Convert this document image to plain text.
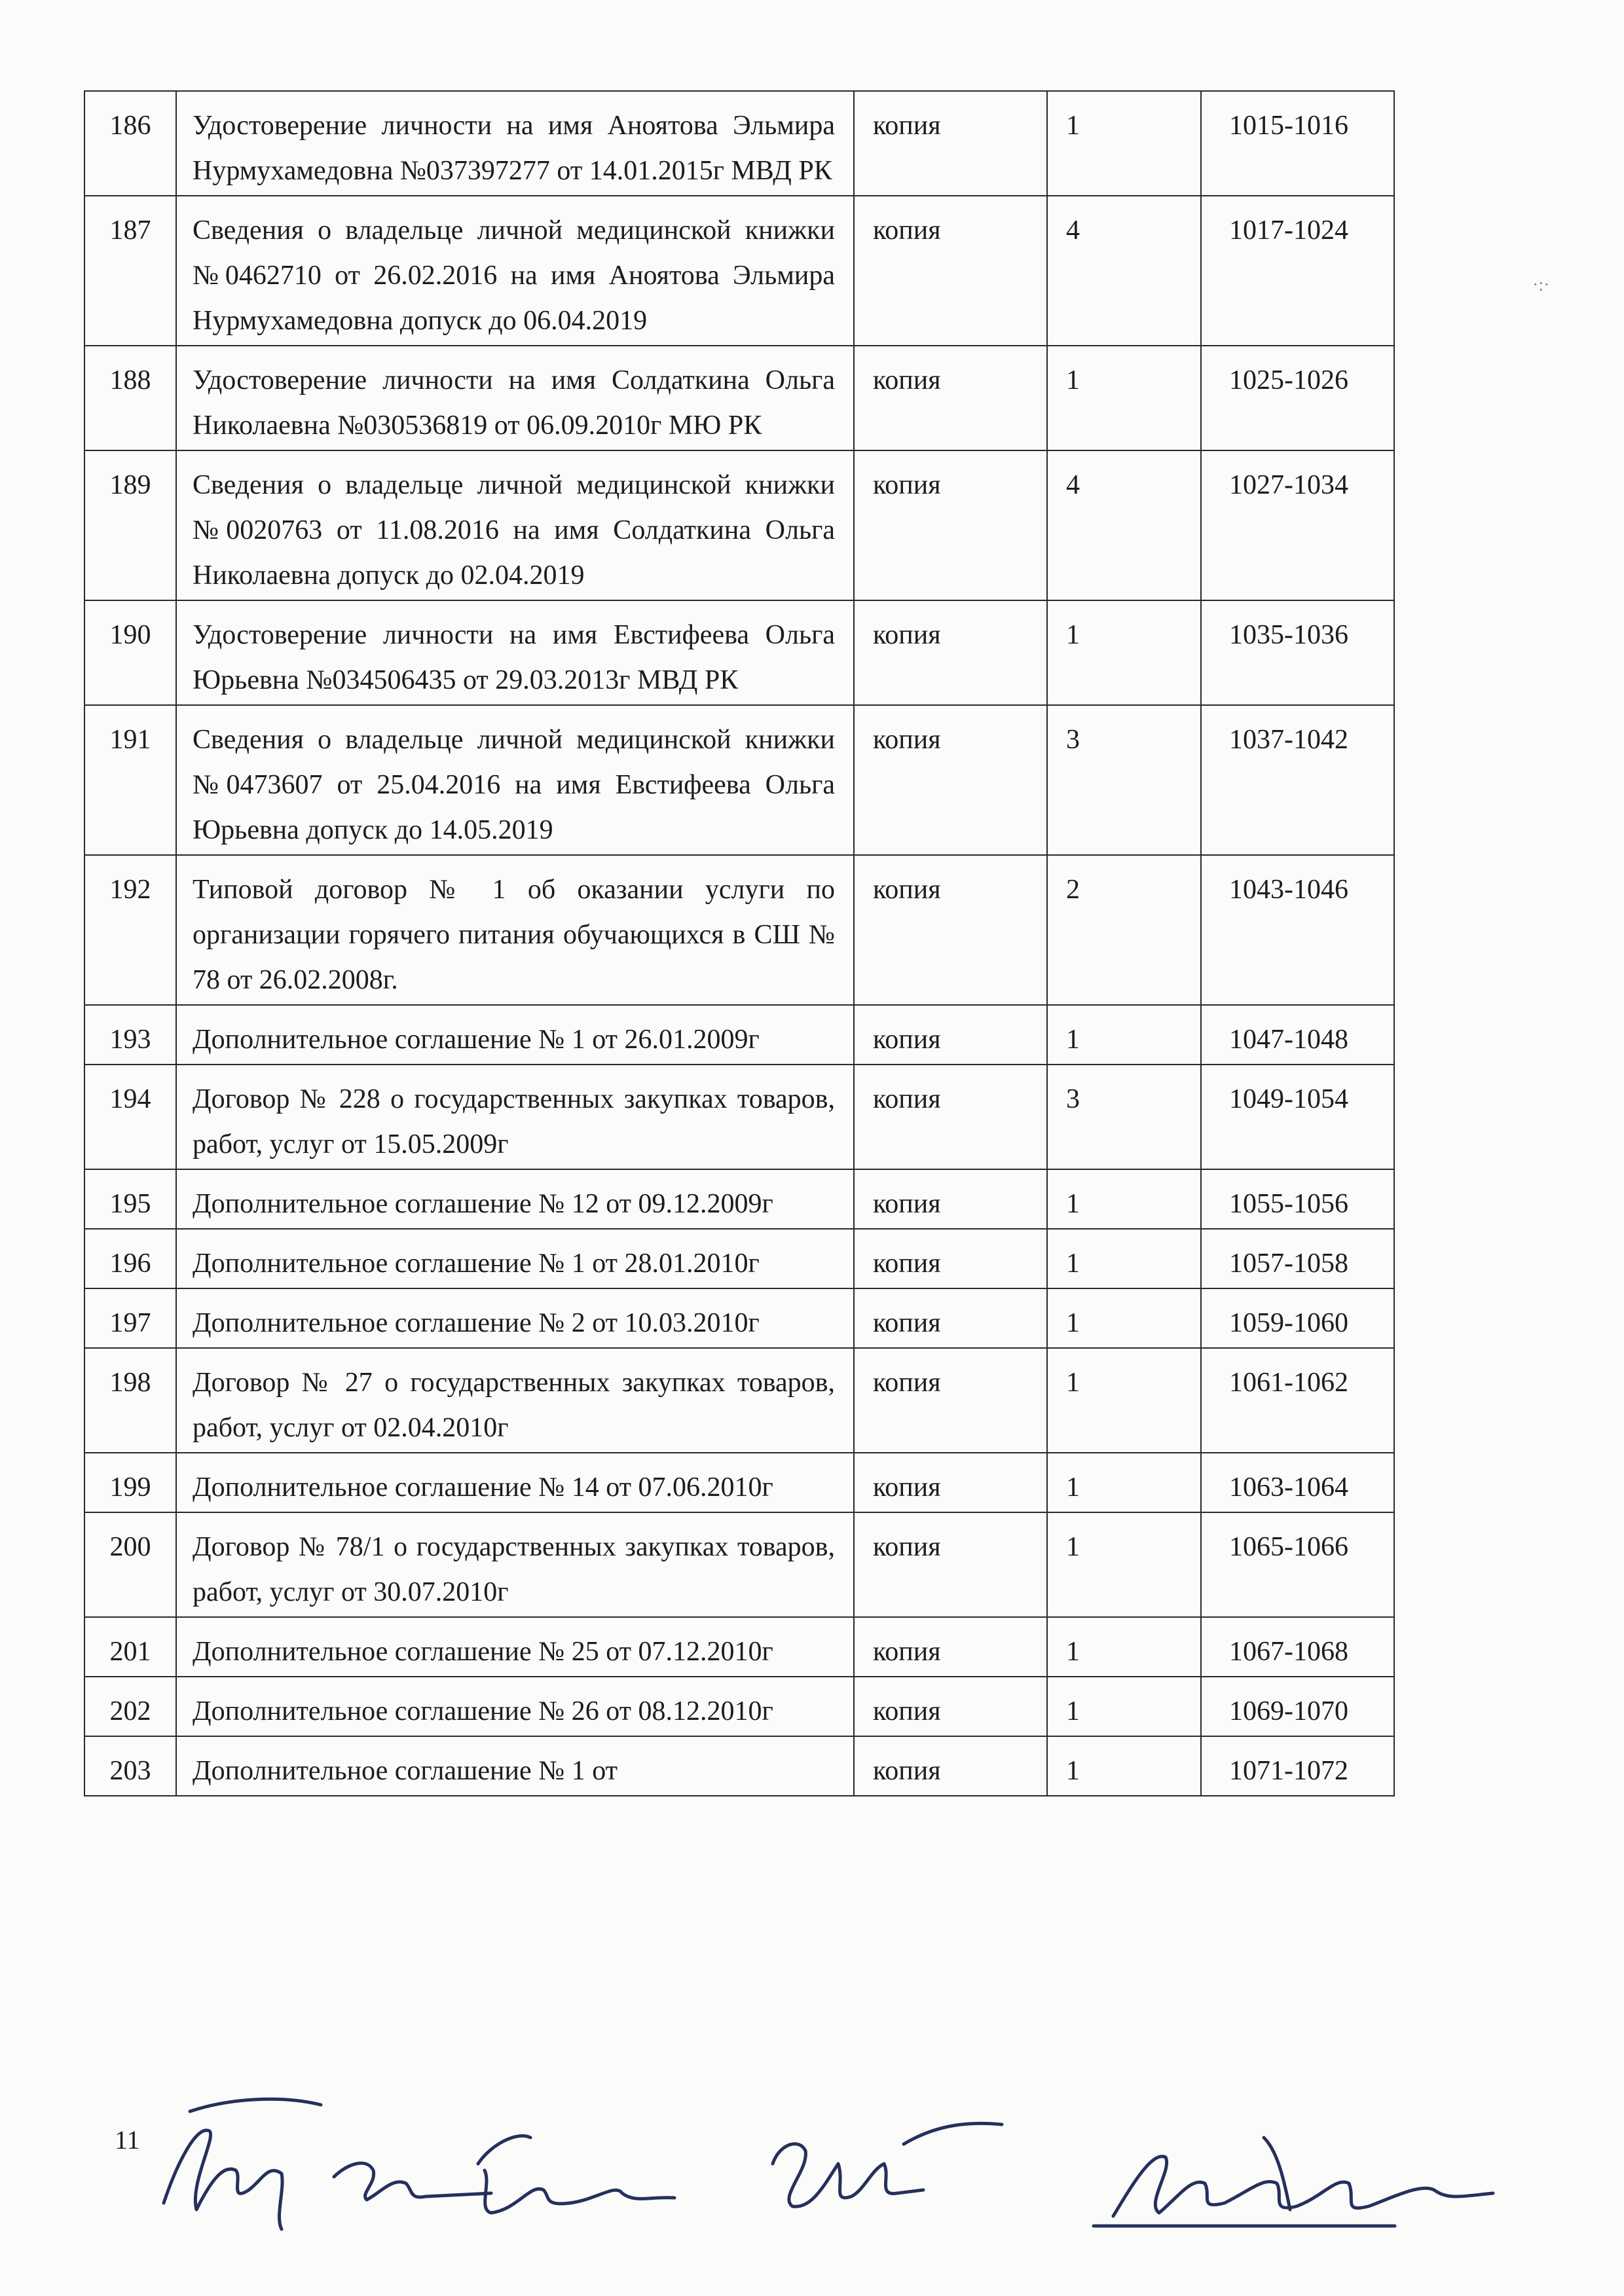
186	Удостоверение личности на имя Аноятова Эльмира Нурмухамедовна №037397277 от 14.01.2015г МВД РК	копия	1	1015-1016
187	Сведения о владельце личной медицинской книжки №0462710 от 26.02.2016 на имя Аноятова Эльмира Нурмухамедовна допуск до 06.04.2019	копия	4	1017-1024
188	Удостоверение личности на имя Солдаткина Ольга Николаевна №030536819 от 06.09.2010г МЮ РК	копия	1	1025-1026
189	Сведения о владельце личной медицинской книжки №0020763 от 11.08.2016 на имя Солдаткина Ольга Николаевна допуск до 02.04.2019	копия	4	1027-1034
190	Удостоверение личности на имя Евстифеева Ольга Юрьевна №034506435 от 29.03.2013г МВД РК	копия	1	1035-1036
191	Сведения о владельце личной медицинской книжки №0473607 от 25.04.2016 на имя Евстифеева Ольга Юрьевна допуск до 14.05.2019	копия	3	1037-1042
192	Типовой договор № 1 об оказании услуги по организации горячего питания обучающихся в СШ № 78 от 26.02.2008г.	копия	2	1043-1046
193	Дополнительное соглашение № 1 от 26.01.2009г	копия	1	1047-1048
194	Договор № 228 о государственных закупках товаров, работ, услуг от 15.05.2009г	копия	3	1049-1054
195	Дополнительное соглашение № 12 от 09.12.2009г	копия	1	1055-1056
196	Дополнительное соглашение № 1 от 28.01.2010г	копия	1	1057-1058
197	Дополнительное соглашение № 2 от 10.03.2010г	копия	1	1059-1060
198	Договор № 27 о государственных закупках товаров, работ, услуг от 02.04.2010г	копия	1	1061-1062
199	Дополнительное соглашение № 14 от 07.06.2010г	копия	1	1063-1064
200	Договор № 78/1 о государственных закупках товаров, работ, услуг от 30.07.2010г	копия	1	1065-1066
201	Дополнительное соглашение № 25 от 07.12.2010г	копия	1	1067-1068
202	Дополнительное соглашение № 26 от 08.12.2010г	копия	1	1069-1070
203	Дополнительное соглашение № 1 от	копия	1	1071-1072
11
·:·
